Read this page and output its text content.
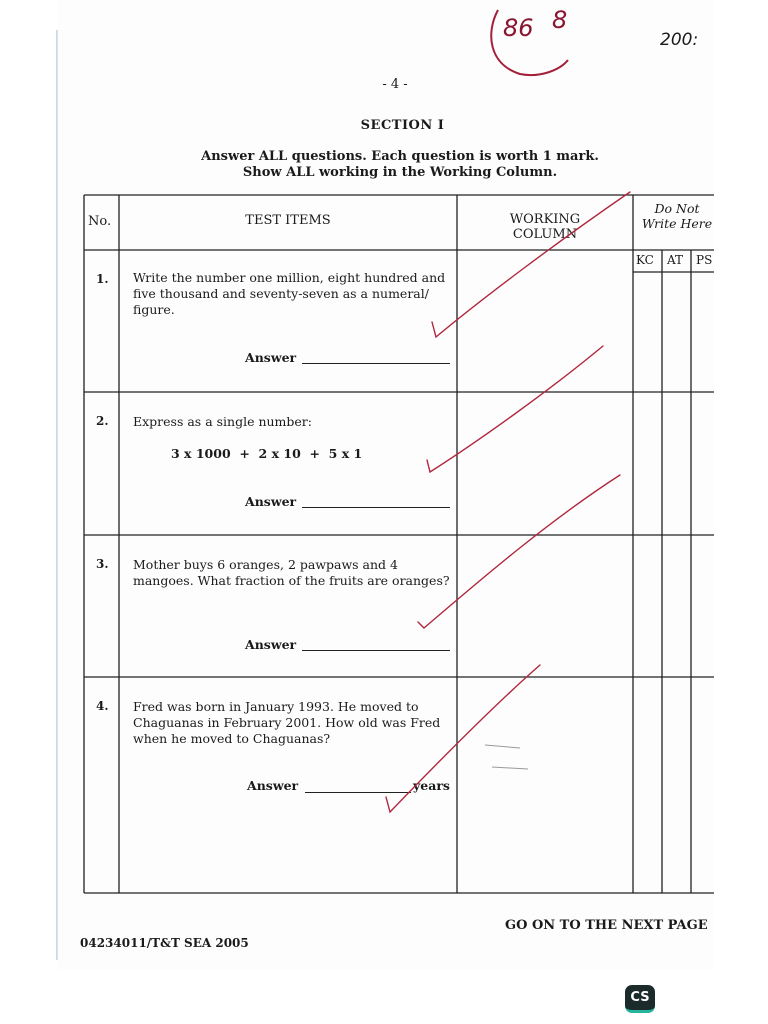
86 8
200:
- 4 -
SECTION I
Answer ALL questions. Each question is worth 1 mark.
Show ALL working in the Working Column.
No.	TEST ITEMS	WORKING COLUMN
Do Not Write Here
KC AT PS
1. Write the number one million, eight hundred and five thousand and seventy-seven as a numeral/ figure.
Answer
2. Express as a single number:
3 x 1000  +  2 x 10  +  5 x 1
Answer
3. Mother buys 6 oranges, 2 pawpaws and 4 mangoes. What fraction of the fruits are oranges?
Answer
4. Fred was born in January 1993. He moved to Chaguanas in February 2001. How old was Fred when he moved to Chaguanas?
Answer	years
GO ON TO THE NEXT PAGE
04234011/T&T SEA 2005
CS
